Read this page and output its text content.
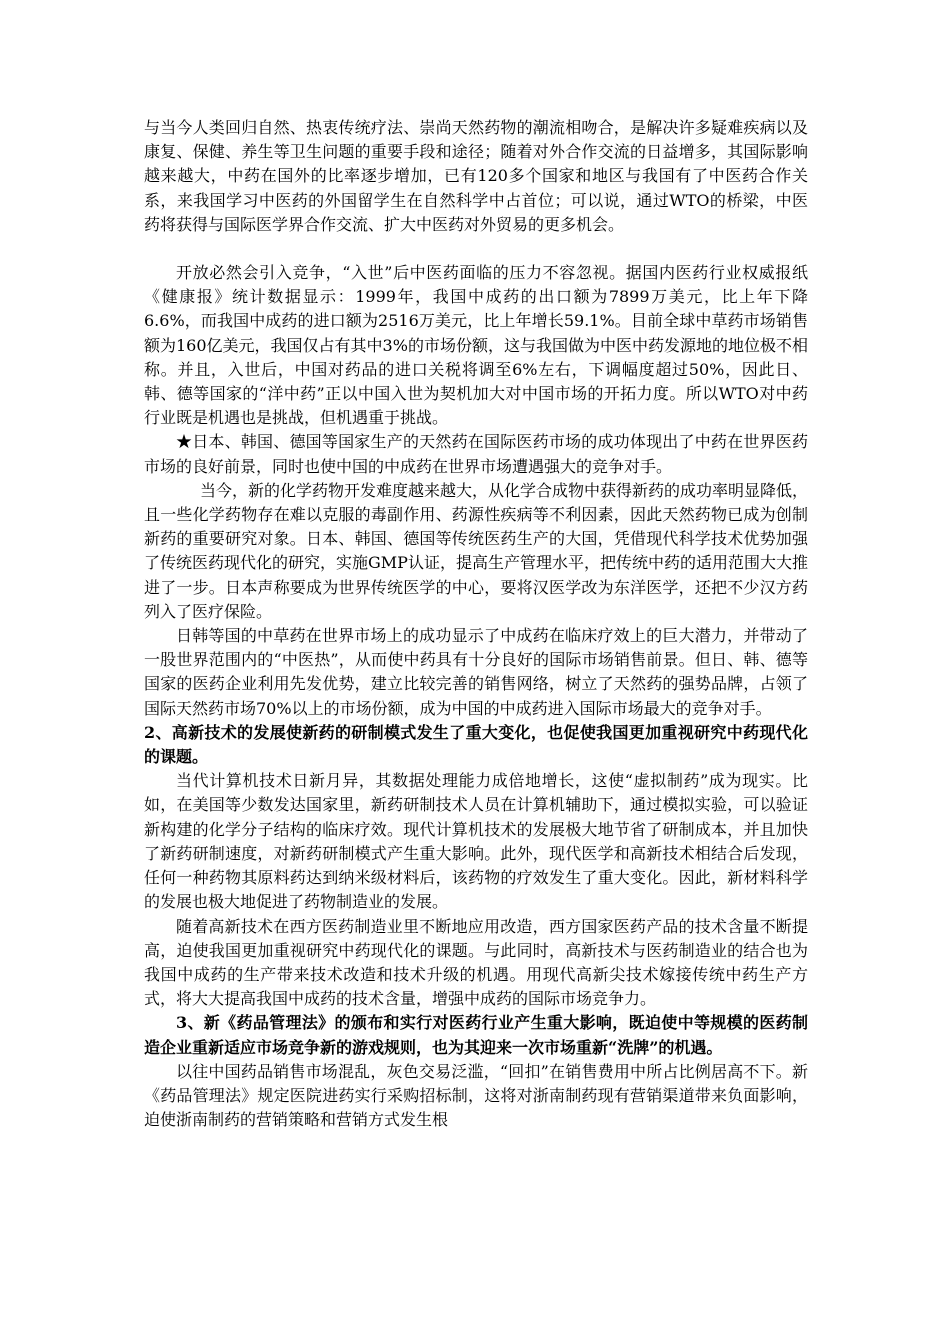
与当今人类回归自然、热衷传统疗法、崇尚天然药物的潮流相吻合，是解决许多疑难疾病以及康复、保健、养生等卫生问题的重要手段和途径；随着对外合作交流的日益增多，其国际影响越来越大，中药在国外的比率逐步增加，已有120多个国家和地区与我国有了中医药合作关系，来我国学习中医药的外国留学生在自然科学中占首位；可以说，通过WTO的桥梁，中医药将获得与国际医学界合作交流、扩大中医药对外贸易的更多机会。

开放必然会引入竞争，“入世”后中医药面临的压力不容忽视。据国内医药行业权威报纸《健康报》统计数据显示：1999年，我国中成药的出口额为7899万美元，比上年下降6.6%，而我国中成药的进口额为2516万美元，比上年增长59.1%。目前全球中草药市场销售额为160亿美元，我国仅占有其中3%的市场份额，这与我国做为中医中药发源地的地位极不相称。并且，入世后，中国对药品的进口关税将调至6%左右，下调幅度超过50%，因此日、韩、德等国家的“洋中药”正以中国入世为契机加大对中国市场的开拓力度。所以WTO对中药行业既是机遇也是挑战，但机遇重于挑战。

★日本、韩国、德国等国家生产的天然药在国际医药市场的成功体现出了中药在世界医药市场的良好前景，同时也使中国的中成药在世界市场遭遇强大的竞争对手。

当今，新的化学药物开发难度越来越大，从化学合成物中获得新药的成功率明显降低，且一些化学药物存在难以克服的毒副作用、药源性疾病等不利因素，因此天然药物已成为创制新药的重要研究对象。日本、韩国、德国等传统医药生产的大国，凭借现代科学技术优势加强了传统医药现代化的研究，实施GMP认证，提高生产管理水平，把传统中药的适用范围大大推进了一步。日本声称要成为世界传统医学的中心，要将汉医学改为东洋医学，还把不少汉方药列入了医疗保险。

日韩等国的中草药在世界市场上的成功显示了中成药在临床疗效上的巨大潜力，并带动了一股世界范围内的“中医热”，从而使中药具有十分良好的国际市场销售前景。但日、韩、德等国家的医药企业利用先发优势，建立比较完善的销售网络，树立了天然药的强势品牌，占领了国际天然药市场70%以上的市场份额，成为中国的中成药进入国际市场最大的竞争对手。

2、高新技术的发展使新药的研制模式发生了重大变化，也促使我国更加重视研究中药现代化的课题。

当代计算机技术日新月异，其数据处理能力成倍地增长，这使“虚拟制药”成为现实。比如，在美国等少数发达国家里，新药研制技术人员在计算机辅助下，通过模拟实验，可以验证新构建的化学分子结构的临床疗效。现代计算机技术的发展极大地节省了研制成本，并且加快了新药研制速度，对新药研制模式产生重大影响。此外，现代医学和高新技术相结合后发现，任何一种药物其原料药达到纳米级材料后，该药物的疗效发生了重大变化。因此，新材料科学的发展也极大地促进了药物制造业的发展。

随着高新技术在西方医药制造业里不断地应用改造，西方国家医药产品的技术含量不断提高，迫使我国更加重视研究中药现代化的课题。与此同时，高新技术与医药制造业的结合也为我国中成药的生产带来技术改造和技术升级的机遇。用现代高新尖技术嫁接传统中药生产方式，将大大提高我国中成药的技术含量，增强中成药的国际市场竞争力。

3、新《药品管理法》的颁布和实行对医药行业产生重大影响，既迫使中等规模的医药制造企业重新适应市场竞争新的游戏规则，也为其迎来一次市场重新“洗牌”的机遇。

以往中国药品销售市场混乱，灰色交易泛滥，“回扣”在销售费用中所占比例居高不下。新《药品管理法》规定医院进药实行采购招标制，这将对浙南制药现有营销渠道带来负面影响，迫使浙南制药的营销策略和营销方式发生根
